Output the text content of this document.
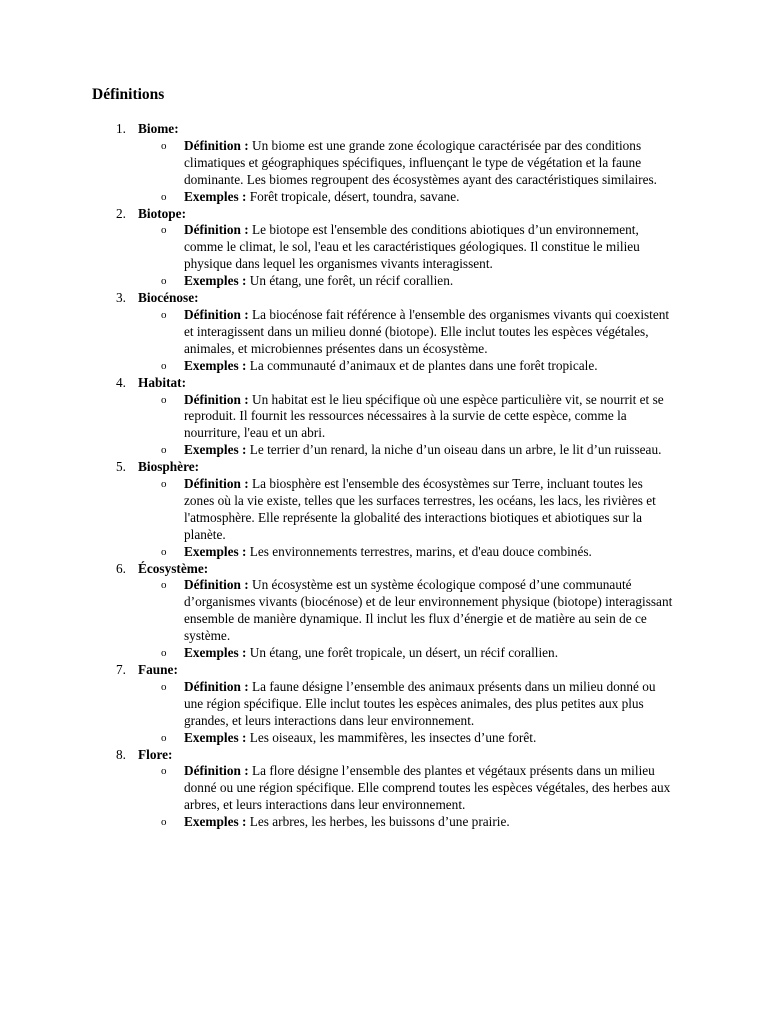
Définitions
1. Biome:
o Définition : Un biome est une grande zone écologique caractérisée par des conditions climatiques et géographiques spécifiques, influençant le type de végétation et la faune dominante. Les biomes regroupent des écosystèmes ayant des caractéristiques similaires.
o Exemples : Forêt tropicale, désert, toundra, savane.
2. Biotope:
o Définition : Le biotope est l'ensemble des conditions abiotiques d’un environnement, comme le climat, le sol, l'eau et les caractéristiques géologiques. Il constitue le milieu physique dans lequel les organismes vivants interagissent.
o Exemples : Un étang, une forêt, un récif corallien.
3. Biocénose:
o Définition : La biocénose fait référence à l'ensemble des organismes vivants qui coexistent et interagissent dans un milieu donné (biotope). Elle inclut toutes les espèces végétales, animales, et microbiennes présentes dans un écosystème.
o Exemples : La communauté d’animaux et de plantes dans une forêt tropicale.
4. Habitat:
o Définition : Un habitat est le lieu spécifique où une espèce particulière vit, se nourrit et se reproduit. Il fournit les ressources nécessaires à la survie de cette espèce, comme la nourriture, l'eau et un abri.
o Exemples : Le terrier d’un renard, la niche d’un oiseau dans un arbre, le lit d’un ruisseau.
5. Biosphère:
o Définition : La biosphère est l'ensemble des écosystèmes sur Terre, incluant toutes les zones où la vie existe, telles que les surfaces terrestres, les océans, les lacs, les rivières et l'atmosphère. Elle représente la globalité des interactions biotiques et abiotiques sur la planète.
o Exemples : Les environnements terrestres, marins, et d'eau douce combinés.
6. Écosystème:
o Définition : Un écosystème est un système écologique composé d’une communauté d’organismes vivants (biocénose) et de leur environnement physique (biotope) interagissant ensemble de manière dynamique. Il inclut les flux d’énergie et de matière au sein de ce système.
o Exemples : Un étang, une forêt tropicale, un désert, un récif corallien.
7. Faune:
o Définition : La faune désigne l’ensemble des animaux présents dans un milieu donné ou une région spécifique. Elle inclut toutes les espèces animales, des plus petites aux plus grandes, et leurs interactions dans leur environnement.
o Exemples : Les oiseaux, les mammifères, les insectes d’une forêt.
8. Flore:
o Définition : La flore désigne l’ensemble des plantes et végétaux présents dans un milieu donné ou une région spécifique. Elle comprend toutes les espèces végétales, des herbes aux arbres, et leurs interactions dans leur environnement.
o Exemples : Les arbres, les herbes, les buissons d’une prairie.
